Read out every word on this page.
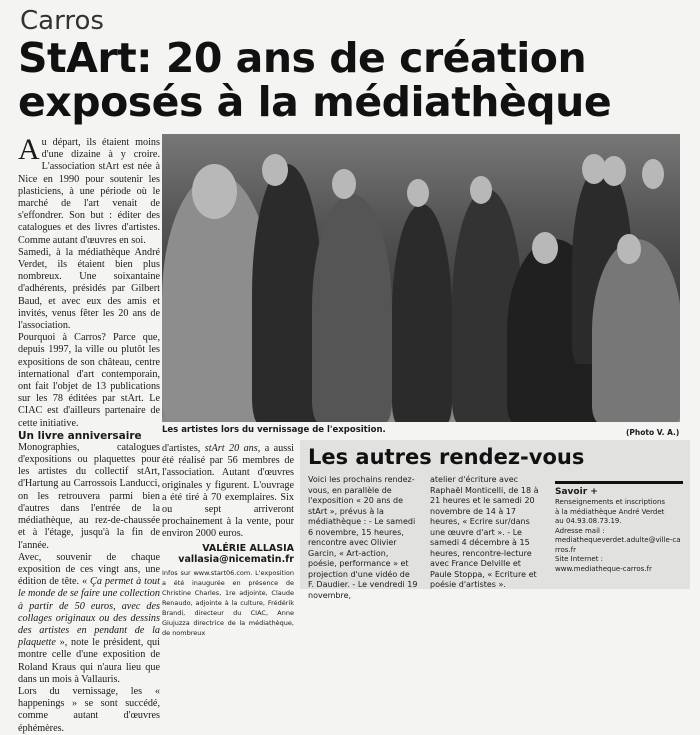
Carros
StArt: 20 ans de création
exposés à la médiathèque

Au départ, ils étaient moins d'une dizaine à y croire. L'association stArt est née à Nice en 1990 pour soutenir les plasticiens, à une période où le marché de l'art venait de s'effondrer. Son but : éditer des catalogues et des livres d'artistes. Comme autant d'œuvres en soi.

Samedi, à la médiathèque André Verdet, ils étaient bien plus nombreux. Une soixantaine d'adhérents, présidés par Gilbert Baud, et avec eux des amis et invités, venus fêter les 20 ans de l'association.

Pourquoi à Carros? Parce que, depuis 1997, la ville ou plutôt les expositions de son château, centre international d'art contemporain, ont fait l'objet de 13 publications sur les 78 éditées par stArt. Le CIAC est d'ailleurs partenaire de cette initiative.

Un livre anniversaire

Monographies, catalogues d'expositions ou plaquettes pour les artistes du collectif stArt, d'Hartung au Carrossois Landucci, on les retrouvera parmi bien d'autres dans l'entrée de la médiathèque, au rez-de-chaussée et à l'étage, jusqu'à la fin de l'année.

Avec, souvenir de chaque exposition de ces vingt ans, une édition de tête. « Ça permet à tout le monde de se faire une collection à partir de 50 euros, avec des collages originaux ou des dessins des artistes en pendant de la plaquette », note le président, qui montre celle d'une exposition de Roland Kraus qui n'aura lieu que dans un mois à Vallauris.

Lors du vernissage, les « happenings » se sont succédé, comme autant d'œuvres éphémères.

Les artistes lors du vernissage de l'exposition.	(Photo V. A.)

d'artistes, stArt 20 ans, a aussi été réalisé par 56 membres de l'association. Autant d'œuvres originales y figurent. L'ouvrage a été tiré à 70 exemplaires. Six ou sept arriveront prochainement à la vente, pour environ 2000 euros.

VALÉRIE ALLASIA
vallasia@nicematin.fr
Infos sur www.start06.com. L'exposition a été inaugurée en présence de Christine Charles, 1re adjointe, Claude Renaudo, adjointe à la culture, Frédérik Brandi, directeur du CIAC, Anne Giujuzza directrice de la médiathèque, de nombreux
Les autres rendez-vous
Voici les prochains rendez-vous, en parallèle de l'exposition « 20 ans de stArt », prévus à la médiathèque : - Le samedi 6 novembre, 15 heures, rencontre avec Olivier Garcin, « Art-action, poésie, performance » et projection d'une vidéo de F. Daudier. - Le vendredi 19 novembre,
atelier d'écriture avec Raphaël Monticelli, de 18 à 21 heures et le samedi 20 novembre de 14 à 17 heures, « Ecrire sur/dans une œuvre d'art ». - Le samedi 4 décembre à 15 heures, rencontre-lecture avec France Delville et Paule Stoppa, « Ecriture et poésie d'artistes ».
Savoir +
Renseignements et inscriptions
à la médiathèque André Verdet
au 04.93.08.73.19.
Adresse mail :
mediathequeverdet.adulte@ville-carros.fr
Site Internet :
www.mediatheque-carros.fr
